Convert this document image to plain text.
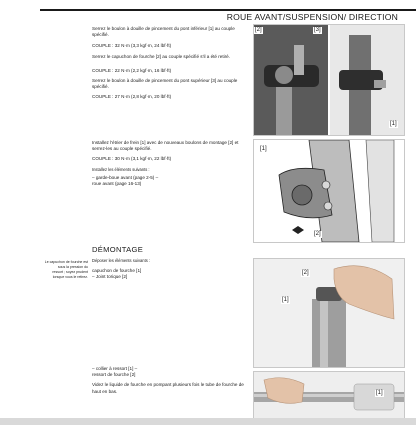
ROUE AVANT/SUSPENSION/ DIRECTION
Serrez le boulon à douille de pincement du pont inférieur [1] au couple
spécifié.
COUPLE : 32 N·m (3,3 kgf·m, 24 lbf·ft)
Serrez le capuchon de fourche [2] au couple spécifié s'il a été retiré.
COUPLE : 22 N·m (2,2 kgf·m, 16 lbf·ft)
Serrez le boulon à douille de pincement du pont supérieur [3] au couple
spécifié.
COUPLE : 27 N·m (2,8 kgf·m, 20 lbf·ft)
Installez l'étrier de frein [1] avec de nouveaux boulons de montage [2] et
serrez-les au couple spécifié.
COUPLE : 30 N·m (3,1 kgf·m, 22 lbf·ft)
Installez les éléments suivants :
– garde-boue avant (page 2-5) –
roue avant (page 16-13)
DÉMONTAGE
Le capuchon de fourche est
sous la pression du
ressort ; soyez prudent
lorsque vous le retirez.
Déposer les éléments suivants :
capuchon de fourche [1]
– Joint torique [2]
– collier à ressort [1] –
ressort de fourche [2]
Videz le liquide de fourche en pompant plusieurs fois le tube de fourche de
haut en bas.
[2]	[3]
[1]
[1]
[2]
[2]
[1]
[1]
